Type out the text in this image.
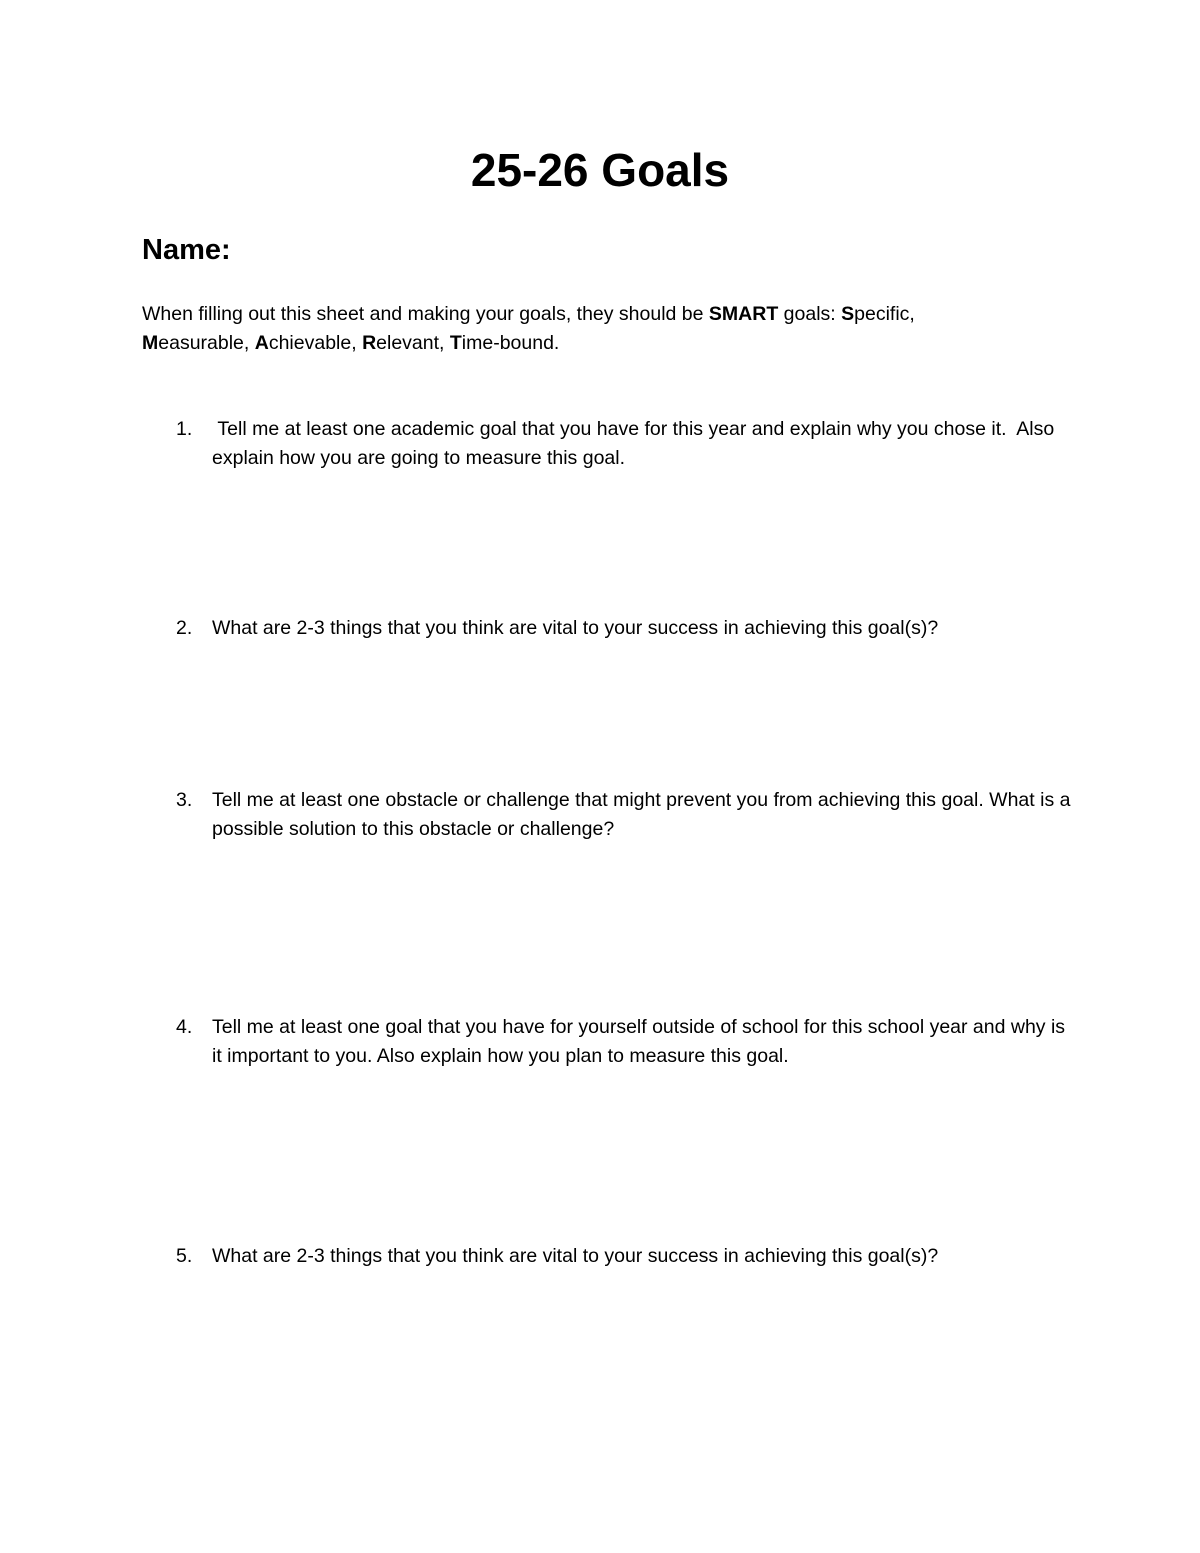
25-26 Goals
Name:
When filling out this sheet and making your goals, they should be SMART goals: Specific,
Measurable, Achievable, Relevant, Time-bound.
1. Tell me at least one academic goal that you have for this year and explain why you chose it.  Also explain how you are going to measure this goal.
2. What are 2-3 things that you think are vital to your success in achieving this goal(s)?
3. Tell me at least one obstacle or challenge that might prevent you from achieving this goal. What is a possible solution to this obstacle or challenge?
4. Tell me at least one goal that you have for yourself outside of school for this school year and why is it important to you. Also explain how you plan to measure this goal.
5. What are 2-3 things that you think are vital to your success in achieving this goal(s)?
